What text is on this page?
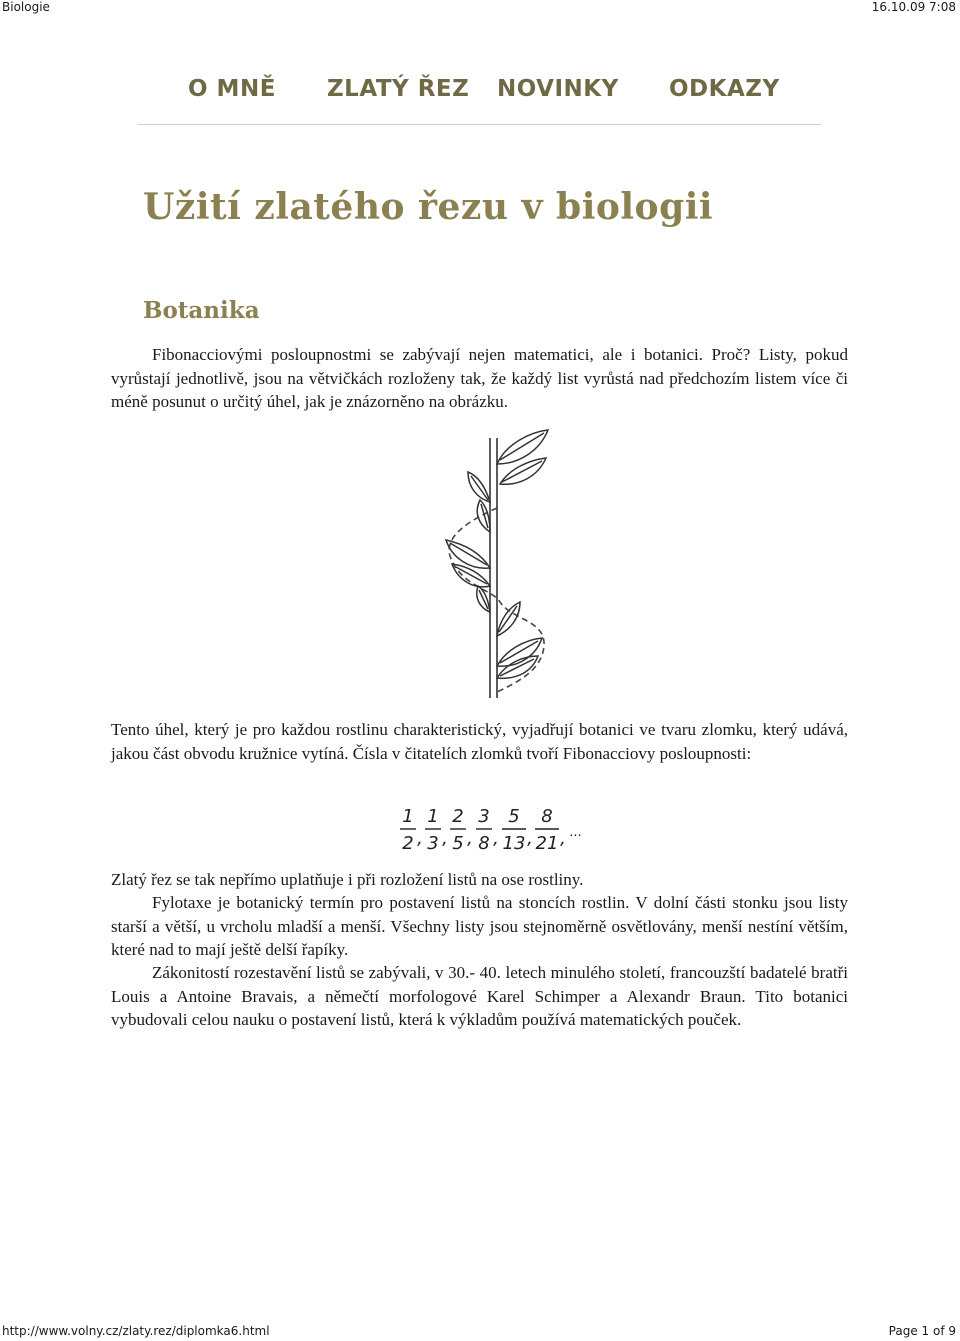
Biologie	16.10.09 7:08
O MNĚ ZLATÝ ŘEZ NOVINKY ODKAZY
Užití zlatého řezu v biologii
Botanika

Fibonacciovými posloupnostmi se zabývají nejen matematici, ale i botanici. Proč? Listy, pokud vyrůstají jednotlivě, jsou na větvičkách rozloženy tak, že každý list vyrůstá nad předchozím listem více či méně posunut o určitý úhel, jak je znázorněno na obrázku.

Tento úhel, který je pro každou rostlinu charakteristický, vyjadřují botanici ve tvaru zlomku, který udává, jakou část obvodu kružnice vytíná. Čísla v čitatelích zlomků tvoří Fibonacciovy posloupnosti:

1
2 ,
1
3 ,
2
5 ,
3
8 ,
5
13 ,
8
21 , ...

Zlatý řez se tak nepřímo uplatňuje i při rozložení listů na ose rostliny.

Fylotaxe je botanický termín pro postavení listů na stoncích rostlin. V dolní části stonku jsou listy starší a větší, u vrcholu mladší a menší. Všechny listy jsou stejnoměrně osvětlovány, menší nestíní větším, které nad to mají ještě delší řapíky.

Zákonitostí rozestavění listů se zabývali, v 30.- 40. letech minulého století, francouzští badatelé bratři Louis a Antoine Bravais, a němečtí morfologové Karel Schimper a Alexandr Braun. Tito botanici vybudovali celou nauku o postavení listů, která k výkladům používá matematických pouček.

http://www.volny.cz/zlaty.rez/diplomka6.html	Page 1 of 9
